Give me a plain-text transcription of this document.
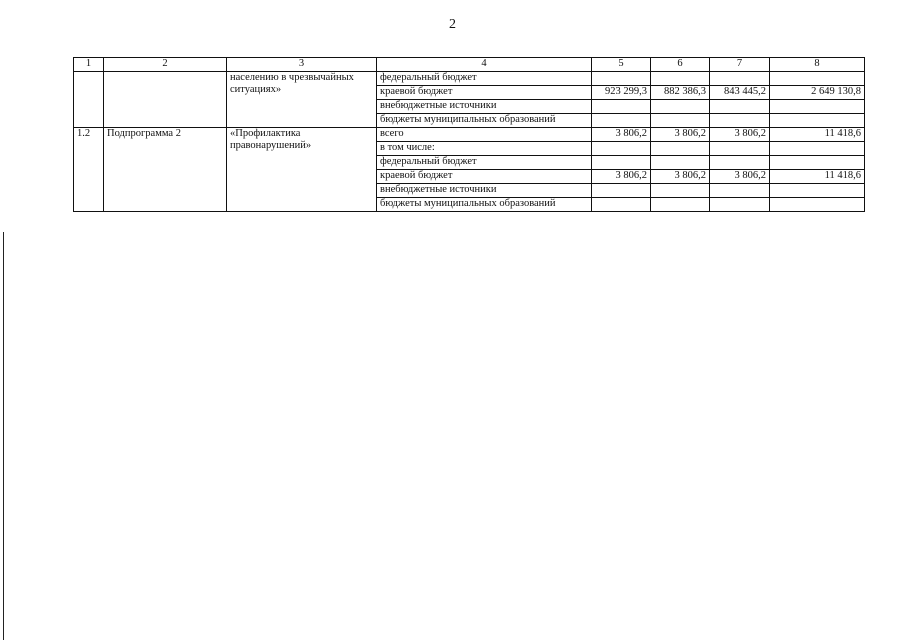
2
1	2	3	4	5	6	7	8
		населению в чрезвычайных ситуациях»	федеральный бюджет				
			краевой бюджет	923 299,3	882 386,3	843 445,2	2 649 130,8
			внебюджетные источники				
			бюджеты муниципальных образований				
1.2	Подпрограмма 2	«Профилактика правонарушений»	всего	3 806,2	3 806,2	3 806,2	11 418,6
			в том числе:				
			федеральный бюджет				
			краевой бюджет	3 806,2	3 806,2	3 806,2	11 418,6
			внебюджетные источники				
			бюджеты муниципальных образований				
